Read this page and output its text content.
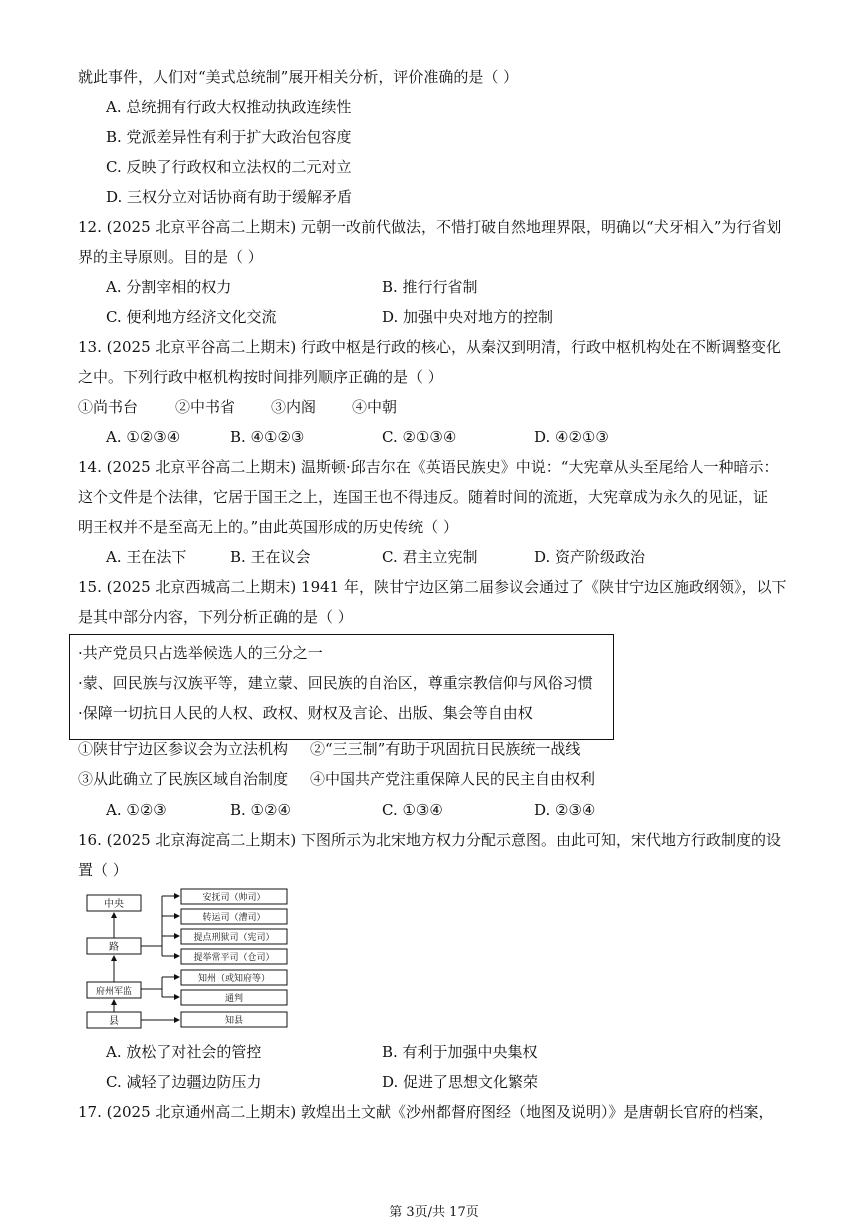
就此事件，人们对“美式总统制”展开相关分析，评价准确的是（ ）
A. 总统拥有行政大权推动执政连续性
B. 党派差异性有利于扩大政治包容度
C. 反映了行政权和立法权的二元对立
D. 三权分立对话协商有助于缓解矛盾
12. (2025 北京平谷高二上期末) 元朝一改前代做法，不惜打破自然地理界限，明确以“犬牙相入”为行省划
界的主导原则。目的是（ ）
A. 分割宰相的权力	B. 推行行省制
C. 便利地方经济文化交流	D. 加强中央对地方的控制
13. (2025 北京平谷高二上期末) 行政中枢是行政的核心，从秦汉到明清，行政中枢机构处在不断调整变化
之中。下列行政中枢机构按时间排列顺序正确的是（ ）
①尚书台 ②中书省 ③内阁 ④中朝
A. ①②③④	B. ④①②③	C. ②①③④	D. ④②①③
14. (2025 北京平谷高二上期末) 温斯顿·邱吉尔在《英语民族史》中说：“大宪章从头至尾给人一种暗示：
这个文件是个法律，它居于国王之上，连国王也不得违反。随着时间的流逝，大宪章成为永久的见证，证
明王权并不是至高无上的。”由此英国形成的历史传统（ ）
A. 王在法下	B. 王在议会	C. 君主立宪制	D. 资产阶级政治
15. (2025 北京西城高二上期末) 1941 年，陕甘宁边区第二届参议会通过了《陕甘宁边区施政纲领》，以下
是其中部分内容，下列分析正确的是（ ）
·共产党员只占选举候选人的三分之一
·蒙、回民族与汉族平等，建立蒙、回民族的自治区，尊重宗教信仰与风俗习惯
·保障一切抗日人民的人权、政权、财权及言论、出版、集会等自由权
①陕甘宁边区参议会为立法机构 ②“三三制”有助于巩固抗日民族统一战线
③从此确立了民族区域自治制度 ④中国共产党注重保障人民的民主自由权利
A. ①②③	B. ①②④	C. ①③④	D. ②③④
16. (2025 北京海淀高二上期末) 下图所示为北宋地方权力分配示意图。由此可知，宋代地方行政制度的设
置（ ）
中央
路
府州军监
县
安抚司（帅司）
转运司（漕司）
提点刑狱司（宪司）
提举常平司（仓司）
知州（或知府等）
通判
知县
A. 放松了对社会的管控	B. 有利于加强中央集权
C. 减轻了边疆边防压力	D. 促进了思想文化繁荣
17. (2025 北京通州高二上期末) 敦煌出土文献《沙州都督府图经（地图及说明）》是唐朝长官府的档案，
第 3页/共 17页
